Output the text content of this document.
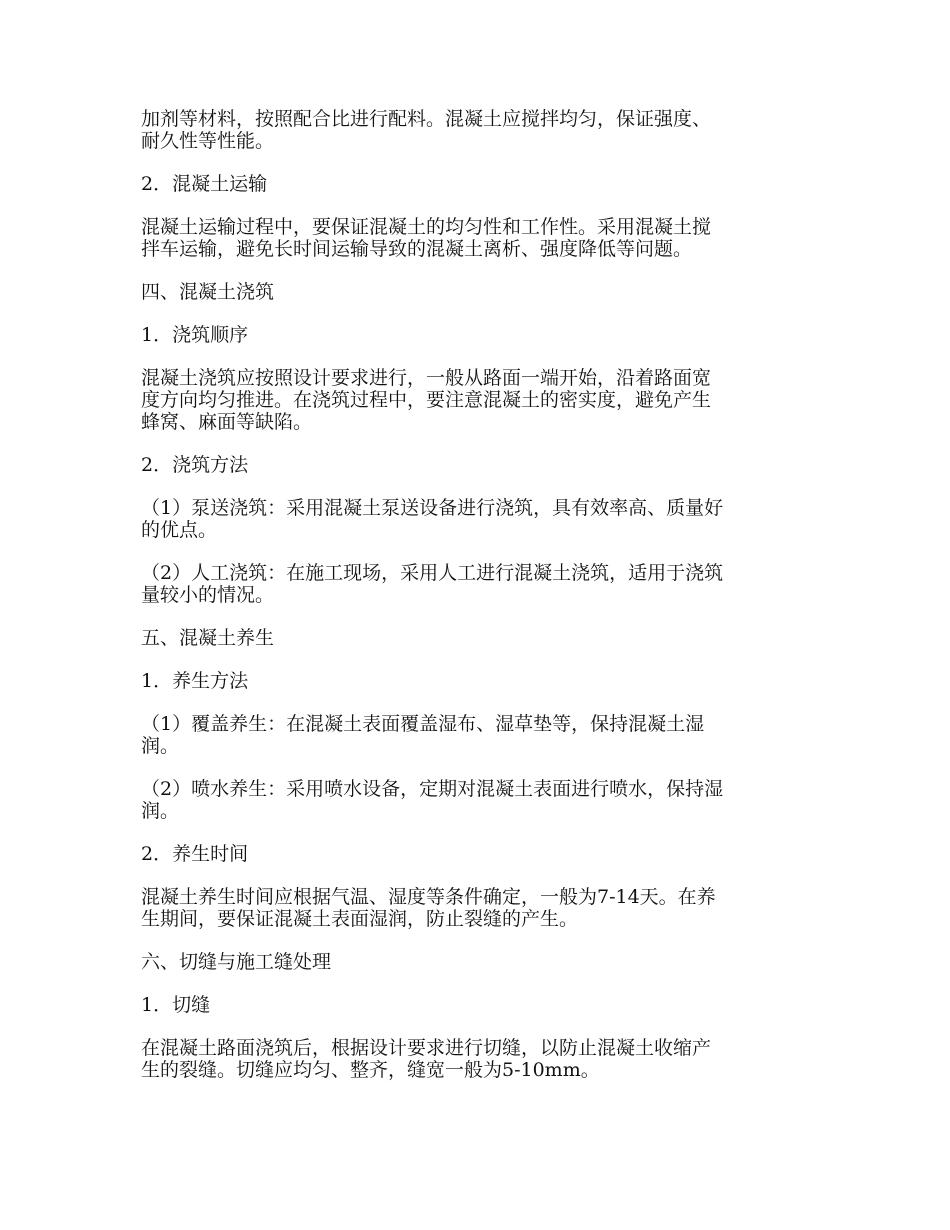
加剂等材料，按照配合比进行配料。混凝土应搅拌均匀，保证强度、
耐久性等性能。
2．混凝土运输
混凝土运输过程中，要保证混凝土的均匀性和工作性。采用混凝土搅
拌车运输，避免长时间运输导致的混凝土离析、强度降低等问题。
四、混凝土浇筑
1．浇筑顺序
混凝土浇筑应按照设计要求进行，一般从路面一端开始，沿着路面宽
度方向均匀推进。在浇筑过程中，要注意混凝土的密实度，避免产生
蜂窝、麻面等缺陷。
2．浇筑方法
（1）泵送浇筑：采用混凝土泵送设备进行浇筑，具有效率高、质量好
的优点。
（2）人工浇筑：在施工现场，采用人工进行混凝土浇筑，适用于浇筑
量较小的情况。
五、混凝土养生
1．养生方法
（1）覆盖养生：在混凝土表面覆盖湿布、湿草垫等，保持混凝土湿
润。
（2）喷水养生：采用喷水设备，定期对混凝土表面进行喷水，保持湿
润。
2．养生时间
混凝土养生时间应根据气温、湿度等条件确定，一般为7-14天。在养
生期间，要保证混凝土表面湿润，防止裂缝的产生。
六、切缝与施工缝处理
1．切缝
在混凝土路面浇筑后，根据设计要求进行切缝，以防止混凝土收缩产
生的裂缝。切缝应均匀、整齐，缝宽一般为5-10mm。
